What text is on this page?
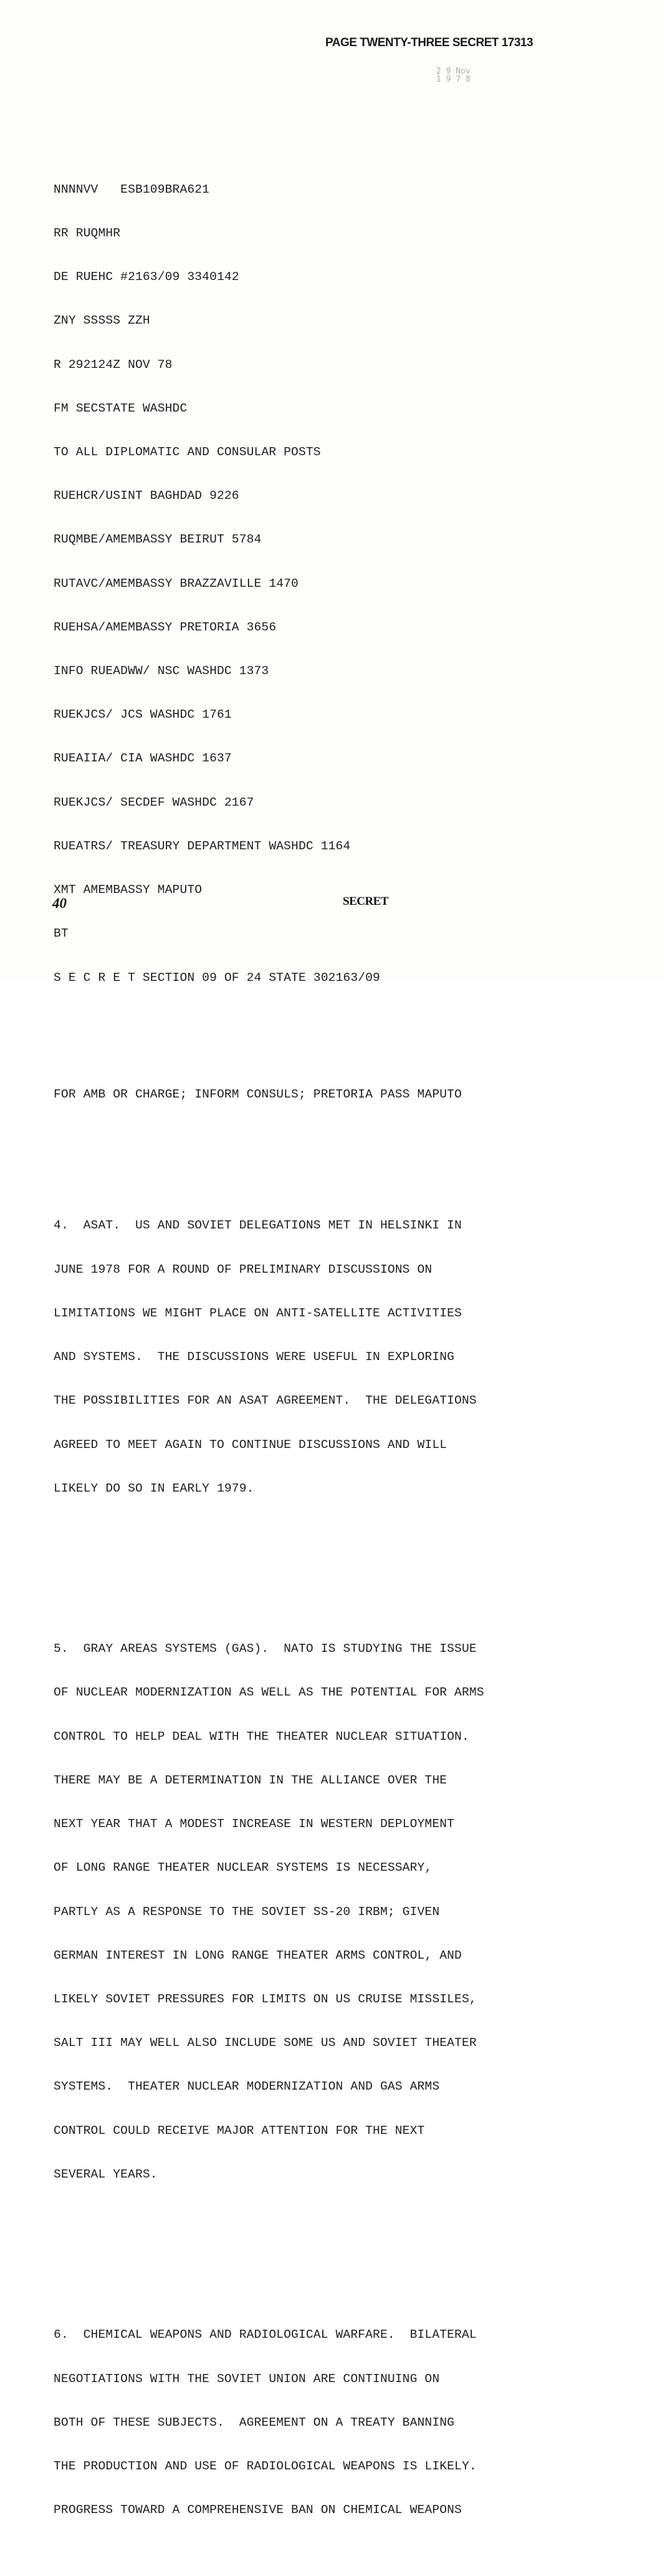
PAGE TWENTY-THREE SECRET 17313
2 9 Nov
1 9 7 8

NNNNVV   ESB109BRA621

RR RUQMHR

DE RUEHC #2163/09 3340142

ZNY SSSSS ZZH

R 292124Z NOV 78

FM SECSTATE WASHDC

TO ALL DIPLOMATIC AND CONSULAR POSTS

RUEHCR/USINT BAGHDAD 9226

RUQMBE/AMEMBASSY BEIRUT 5784

RUTAVC/AMEMBASSY BRAZZAVILLE 1470

RUEHSA/AMEMBASSY PRETORIA 3656

INFO RUEADWW/ NSC WASHDC 1373

RUEKJCS/ JCS WASHDC 1761

RUEAIIA/ CIA WASHDC 1637

RUEKJCS/ SECDEF WASHDC 2167

RUEATRS/ TREASURY DEPARTMENT WASHDC 1164

XMT AMEMBASSY MAPUTO

BT

S E C R E T SECTION 09 OF 24 STATE 302163/09

FOR AMB OR CHARGE; INFORM CONSULS; PRETORIA PASS MAPUTO

4.  ASAT.  US AND SOVIET DELEGATIONS MET IN HELSINKI IN

JUNE 1978 FOR A ROUND OF PRELIMINARY DISCUSSIONS ON

LIMITATIONS WE MIGHT PLACE ON ANTI-SATELLITE ACTIVITIES

AND SYSTEMS.  THE DISCUSSIONS WERE USEFUL IN EXPLORING

THE POSSIBILITIES FOR AN ASAT AGREEMENT.  THE DELEGATIONS

AGREED TO MEET AGAIN TO CONTINUE DISCUSSIONS AND WILL

LIKELY DO SO IN EARLY 1979.

5.  GRAY AREAS SYSTEMS (GAS).  NATO IS STUDYING THE ISSUE

OF NUCLEAR MODERNIZATION AS WELL AS THE POTENTIAL FOR ARMS

CONTROL TO HELP DEAL WITH THE THEATER NUCLEAR SITUATION.

THERE MAY BE A DETERMINATION IN THE ALLIANCE OVER THE

NEXT YEAR THAT A MODEST INCREASE IN WESTERN DEPLOYMENT

OF LONG RANGE THEATER NUCLEAR SYSTEMS IS NECESSARY,

PARTLY AS A RESPONSE TO THE SOVIET SS-20 IRBM; GIVEN

GERMAN INTEREST IN LONG RANGE THEATER ARMS CONTROL, AND

LIKELY SOVIET PRESSURES FOR LIMITS ON US CRUISE MISSILES,

SALT III MAY WELL ALSO INCLUDE SOME US AND SOVIET THEATER

SYSTEMS.  THEATER NUCLEAR MODERNIZATION AND GAS ARMS

CONTROL COULD RECEIVE MAJOR ATTENTION FOR THE NEXT

SEVERAL YEARS.

6.  CHEMICAL WEAPONS AND RADIOLOGICAL WARFARE.  BILATERAL

NEGOTIATIONS WITH THE SOVIET UNION ARE CONTINUING ON

BOTH OF THESE SUBJECTS.  AGREEMENT ON A TREATY BANNING

THE PRODUCTION AND USE OF RADIOLOGICAL WEAPONS IS LIKELY.

PROGRESS TOWARD A COMPREHENSIVE BAN ON CHEMICAL WEAPONS

40	SECRET
